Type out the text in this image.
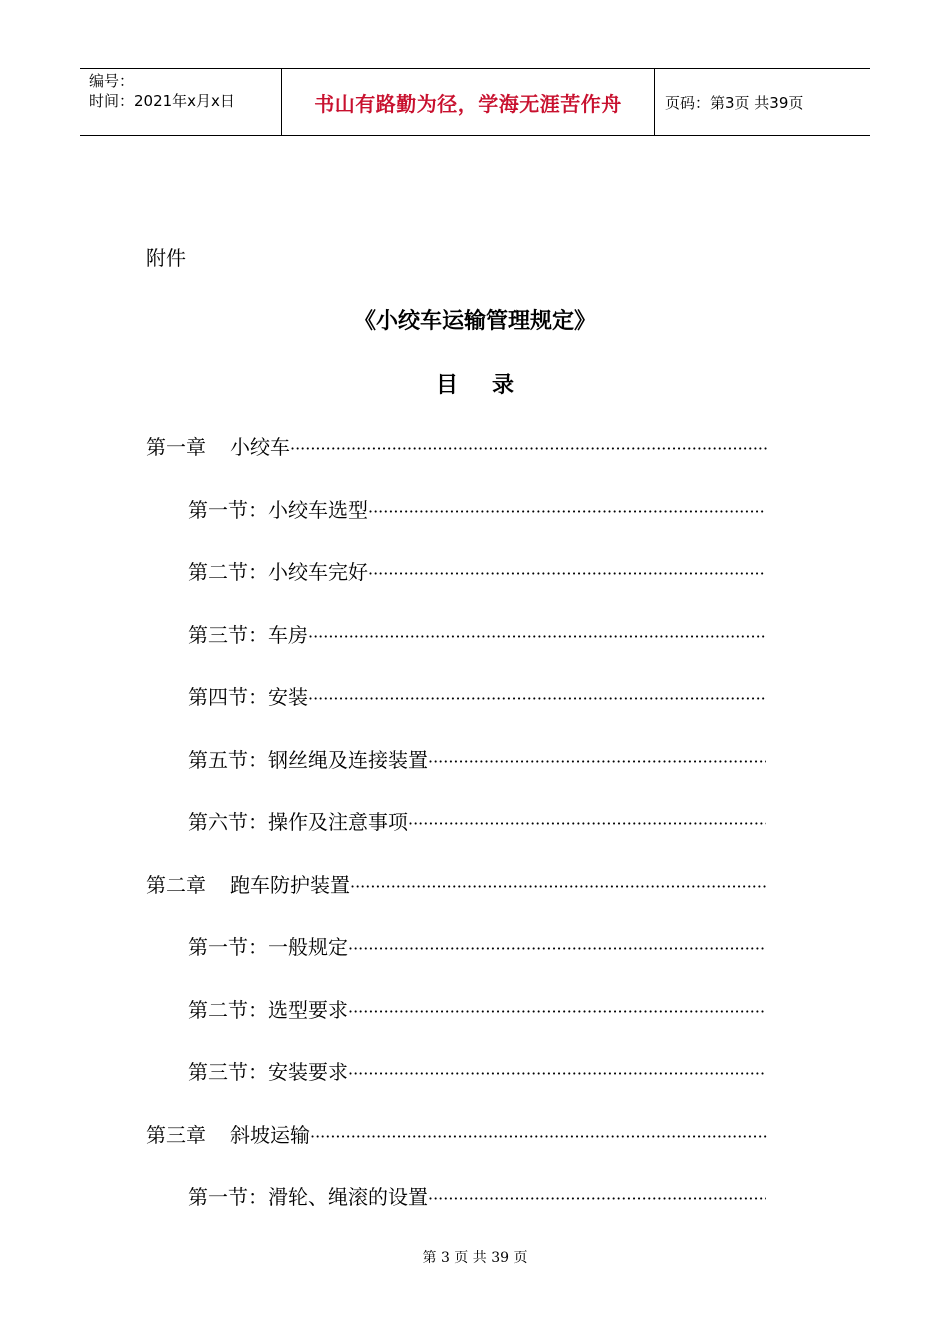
编号：
时间：2021年x月x日	书山有路勤为径，学海无涯苦作舟	页码：第3页 共39页
附件
《小绞车运输管理规定》
目录
第一章 小绞车
·····
第一节：小绞车选型
·····
第二节：小绞车完好
·····
第三节：车房
·····
第四节：安装
·····
第五节：钢丝绳及连接装置
·····
第六节：操作及注意事项
·····
第二章 跑车防护装置
·····
第一节：一般规定
·····
第二节：选型要求
·····
第三节：安装要求
·····
第三章 斜坡运输
·····
第一节：滑轮、绳滚的设置
·····
第 3 页 共 39 页
